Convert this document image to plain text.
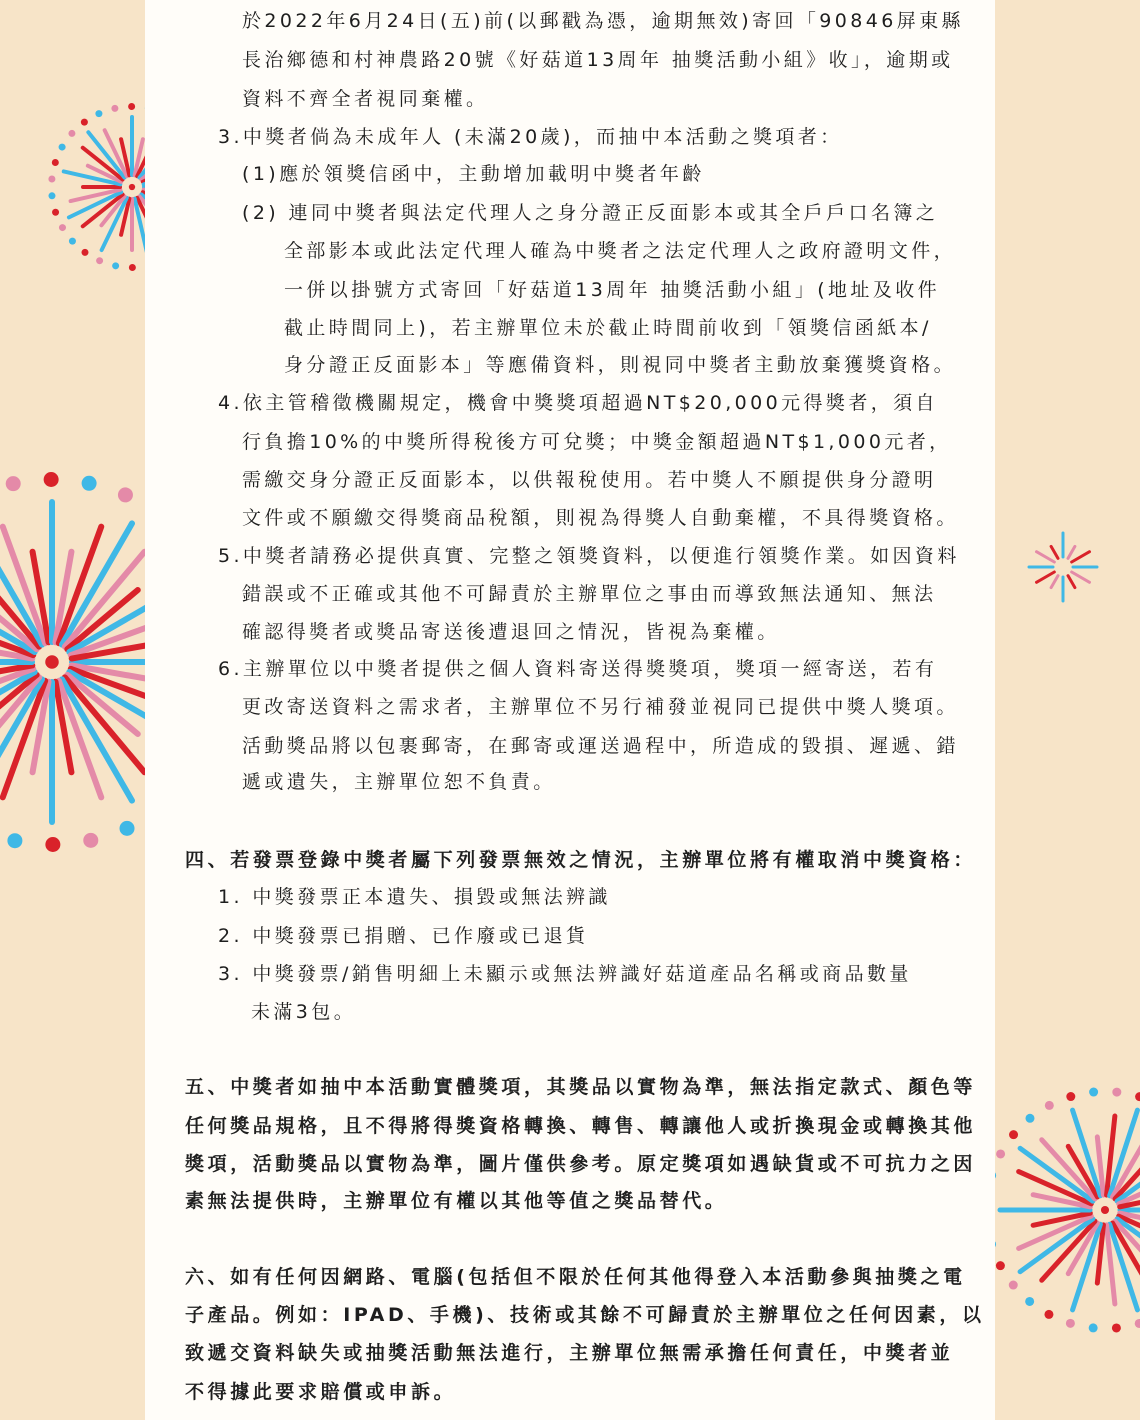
於2022年6月24日(五)前(以郵戳為憑，逾期無效)寄回「90846屏東縣
長治鄉德和村神農路20號《好菇道13周年 抽獎活動小組》收」，逾期或
資料不齊全者視同棄權。
3.中獎者倘為未成年人 (未滿20歲)，而抽中本活動之獎項者：
(1)應於領獎信函中，主動增加載明中獎者年齡
(2) 連同中獎者與法定代理人之身分證正反面影本或其全戶戶口名簿之
全部影本或此法定代理人確為中獎者之法定代理人之政府證明文件，
一併以掛號方式寄回「好菇道13周年 抽獎活動小組」(地址及收件
截止時間同上)，若主辦單位未於截止時間前收到「領獎信函紙本/
身分證正反面影本」等應備資料，則視同中獎者主動放棄獲獎資格。
4.依主管稽徵機關規定，機會中獎獎項超過NT$20,000元得獎者，須自
行負擔10%的中獎所得稅後方可兌獎；中獎金額超過NT$1,000元者，
需繳交身分證正反面影本，以供報稅使用。若中獎人不願提供身分證明
文件或不願繳交得獎商品稅額，則視為得獎人自動棄權，不具得獎資格。
5.中獎者請務必提供真實、完整之領獎資料，以便進行領獎作業。如因資料
錯誤或不正確或其他不可歸責於主辦單位之事由而導致無法通知、無法
確認得獎者或獎品寄送後遭退回之情況，皆視為棄權。
6.主辦單位以中獎者提供之個人資料寄送得獎獎項，獎項一經寄送，若有
更改寄送資料之需求者，主辦單位不另行補發並視同已提供中獎人獎項。
活動獎品將以包裹郵寄，在郵寄或運送過程中，所造成的毀損、遲遞、錯
遞或遺失，主辦單位恕不負責。
四、若發票登錄中獎者屬下列發票無效之情況，主辦單位將有權取消中獎資格：
1. 中獎發票正本遺失、損毀或無法辨識
2. 中獎發票已捐贈、已作廢或已退貨
3. 中獎發票/銷售明細上未顯示或無法辨識好菇道產品名稱或商品數量
未滿3包。
五、中獎者如抽中本活動實體獎項，其獎品以實物為準，無法指定款式、顏色等
任何獎品規格，且不得將得獎資格轉換、轉售、轉讓他人或折換現金或轉換其他
獎項，活動獎品以實物為準，圖片僅供參考。原定獎項如遇缺貨或不可抗力之因
素無法提供時，主辦單位有權以其他等值之獎品替代。
六、如有任何因網路、電腦(包括但不限於任何其他得登入本活動參與抽獎之電
子產品。例如：IPAD、手機)、技術或其餘不可歸責於主辦單位之任何因素，以
致遞交資料缺失或抽獎活動無法進行，主辦單位無需承擔任何責任，中獎者並
不得據此要求賠償或申訴。
